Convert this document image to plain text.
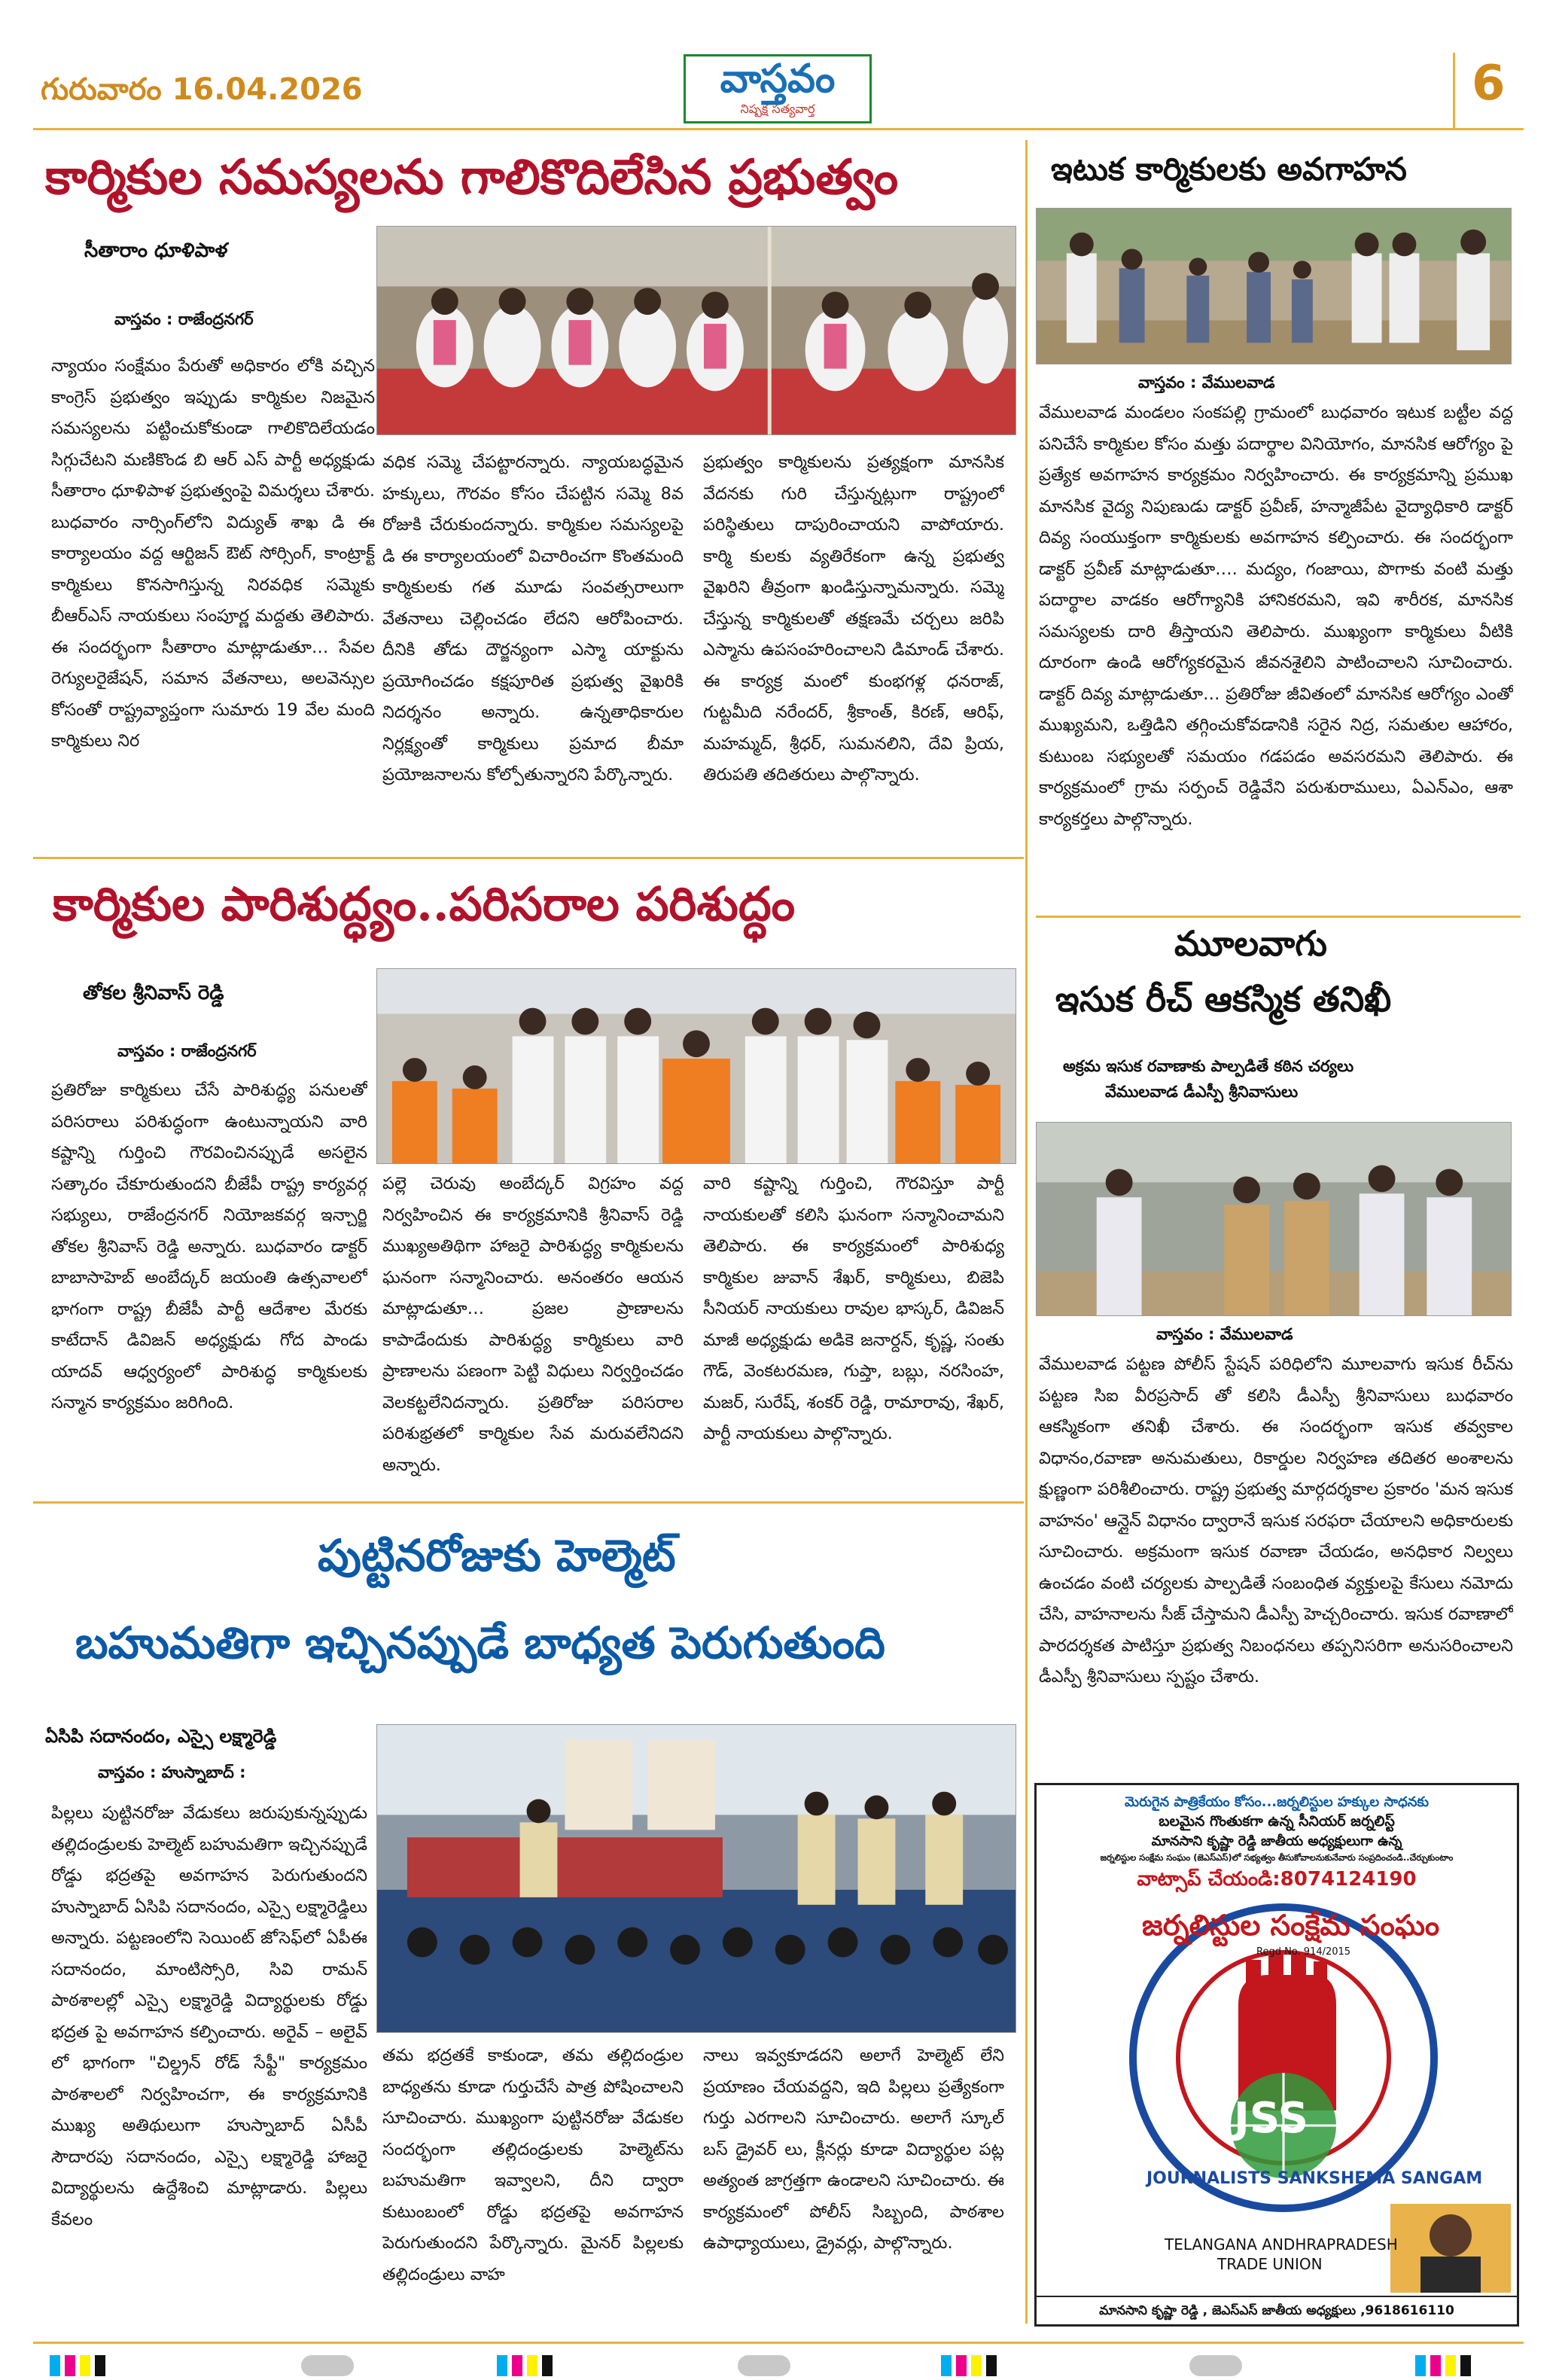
గురువారం 16.04.2026	వాస్తవం
నిష్పక్ష సత్యవార్త	6
కార్మికుల సమస్యలను గాలికొదిలేసిన ప్రభుత్వం
సీతారాం ధూళిపాళ
వాస్తవం : రాజేంద్రనగర్
న్యాయం సంక్షేమం పేరుతో అధికారం లోకి వచ్చిన కాంగ్రెస్ ప్రభుత్వం ఇప్పుడు కార్మికుల నిజమైన సమస్యలను పట్టించుకోకుండా గాలికొదిలేయడం సిగ్గుచేటని మణికొండ బి ఆర్ ఎస్ పార్టీ అధ్యక్షుడు సీతారాం ధూళిపాళ ప్రభుత్వంపై విమర్శలు చేశారు. బుధవారం నార్సింగ్‌లోని విద్యుత్ శాఖ డి ఈ కార్యాలయం వద్ద ఆర్టిజన్ ఔట్ సోర్సింగ్, కాంట్రాక్ట్ కార్మికులు కొనసాగిస్తున్న నిరవధిక సమ్మెకు బీఆర్ఎస్ నాయకులు సంపూర్ణ మద్దతు తెలిపారు. ఈ సందర్భంగా సీతారాం మాట్లాడుతూ… సేవల రెగ్యులరైజేషన్, సమాన వేతనాలు, అలవెన్సుల కోసంతో రాష్ట్రవ్యాప్తంగా సుమారు 19 వేల మంది కార్మికులు నిర
వధిక సమ్మె చేపట్టారన్నారు. న్యాయబద్ధమైన హక్కులు, గౌరవం కోసం చేపట్టిన సమ్మె 8వ రోజుకి చేరుకుందన్నారు. కార్మికుల సమస్యలపై డి ఈ కార్యాలయంలో విచారించగా కొంతమంది కార్మికులకు గత మూడు సంవత్సరాలుగా వేతనాలు చెల్లించడం లేదని ఆరోపించారు. దీనికి తోడు దౌర్జన్యంగా ఎస్మా యాక్టును ప్రయోగించడం కక్షపూరిత ప్రభుత్వ వైఖరికి నిదర్శనం అన్నారు. ఉన్నతాధికారుల నిర్లక్ష్యంతో కార్మికులు ప్రమాద బీమా ప్రయోజనాలను కోల్పోతున్నారని పేర్కొన్నారు.
ప్రభుత్వం కార్మికులను ప్రత్యక్షంగా మానసిక వేదనకు గురి చేస్తున్నట్లుగా రాష్ట్రంలో పరిస్థితులు దాపురించాయని వాపోయారు. కార్మి కులకు వ్యతిరేకంగా ఉన్న ప్రభుత్వ వైఖరిని తీవ్రంగా ఖండిస్తున్నామన్నారు. సమ్మె చేస్తున్న కార్మికులతో తక్షణమే చర్చలు జరిపి ఎస్మాను ఉపసంహరించాలని డిమాండ్ చేశారు. ఈ కార్యక్ర మంలో కుంభగళ్ల ధనరాజ్, గుట్టమీది నరేందర్, శ్రీకాంత్, కిరణ్, ఆరిఫ్, మహమ్మద్, శ్రీధర్, సుమనలిని, దేవి ప్రియ, తిరుపతి తదితరులు పాల్గొన్నారు.
ఇటుక కార్మికులకు అవగాహన
వాస్తవం : వేములవాడ
వేములవాడ మండలం సంకపల్లి గ్రామంలో బుధవారం ఇటుక బట్టీల వద్ద పనిచేసే కార్మికుల కోసం మత్తు పదార్థాల వినియోగం, మానసిక ఆరోగ్యం పై ప్రత్యేక అవగాహన కార్యక్రమం నిర్వహించారు. ఈ కార్యక్రమాన్ని ప్రముఖ మానసిక వైద్య నిపుణుడు డాక్టర్ ప్రవీణ్, హన్మాజీపేట వైద్యాధికారి డాక్టర్ దివ్య సంయుక్తంగా కార్మికులకు అవగాహన కల్పించారు. ఈ సందర్భంగా డాక్టర్ ప్రవీణ్ మాట్లాడుతూ…. మద్యం, గంజాయి, పొగాకు వంటి మత్తు పదార్థాల వాడకం ఆరోగ్యానికి హానికరమని, ఇవి శారీరక, మానసిక సమస్యలకు దారి తీస్తాయని తెలిపారు. ముఖ్యంగా కార్మికులు వీటికి దూరంగా ఉండి ఆరోగ్యకరమైన జీవనశైలిని పాటించాలని సూచించారు. డాక్టర్ దివ్య మాట్లాడుతూ… ప్రతిరోజు జీవితంలో మానసిక ఆరోగ్యం ఎంతో ముఖ్యమని, ఒత్తిడిని తగ్గించుకోవడానికి సరైన నిద్ర, సమతుల ఆహారం, కుటుంబ సభ్యులతో సమయం గడపడం అవసరమని తెలిపారు. ఈ కార్యక్రమంలో గ్రామ సర్పంచ్ రెడ్డివేని పరుశురాములు, ఏఎన్ఎం, ఆశా కార్యకర్తలు పాల్గొన్నారు.
కార్మికుల పారిశుద్ధ్యం..పరిసరాల పరిశుద్ధం
తోకల శ్రీనివాస్ రెడ్డి
వాస్తవం : రాజేంద్రనగర్
ప్రతిరోజు కార్మికులు చేసే పారిశుద్ధ్య పనులతో పరిసరాలు పరిశుద్ధంగా ఉంటున్నాయని వారి కష్టాన్ని గుర్తించి గౌరవించినప్పుడే అసలైన సత్కారం చేకూరుతుందని బీజేపీ రాష్ట్ర కార్యవర్గ సభ్యులు, రాజేంద్రనగర్ నియోజకవర్గ ఇన్చార్జి తోకల శ్రీనివాస్ రెడ్డి అన్నారు. బుధవారం డాక్టర్ బాబాసాహెబ్ అంబేద్కర్ జయంతి ఉత్సవాలలో భాగంగా రాష్ట్ర బీజేపీ పార్టీ ఆదేశాల మేరకు కాటేదాన్ డివిజన్ అధ్యక్షుడు గోద పాండు యాదవ్ ఆధ్వర్యంలో పారిశుద్ధ కార్మికులకు సన్మాన కార్యక్రమం జరిగింది.
పల్లె చెరువు అంబేద్కర్ విగ్రహం వద్ద నిర్వహించిన ఈ కార్యక్రమానికి శ్రీనివాస్ రెడ్డి ముఖ్యఅతిథిగా హాజరై పారిశుద్ధ్య కార్మికులను ఘనంగా సన్మానించారు. అనంతరం ఆయన మాట్లాడుతూ… ప్రజల ప్రాణాలను కాపాడేందుకు పారిశుద్ధ్య కార్మికులు వారి ప్రాణాలను పణంగా పెట్టి విధులు నిర్వర్తించడం వెలకట్టలేనిదన్నారు. ప్రతిరోజు పరిసరాల పరిశుభ్రతలో కార్మికుల సేవ మరువలేనిదని అన్నారు.
వారి కష్టాన్ని గుర్తించి, గౌరవిస్తూ పార్టీ నాయకులతో కలిసి ఘనంగా సన్మానించామని తెలిపారు. ఈ కార్యక్రమంలో పారిశుధ్య కార్మికుల జువాన్ శేఖర్, కార్మికులు, బిజెపి సీనియర్ నాయకులు రావుల భాస్కర్, డివిజన్ మాజీ అధ్యక్షుడు అడికె జనార్దన్, కృష్ణ, సంతు గౌడ్, వెంకటరమణ, గుప్తా, బబ్లు, నరసింహ, మజర్, సురేష్, శంకర్ రెడ్డి, రామారావు, శేఖర్, పార్టీ నాయకులు పాల్గొన్నారు.
మూలవాగు
ఇసుక రీచ్ ఆకస్మిక తనిఖీ
అక్రమ ఇసుక రవాణాకు పాల్పడితే కఠిన చర్యలు
వేములవాడ డీఎస్పీ శ్రీనివాసులు
వాస్తవం : వేములవాడ
వేములవాడ పట్టణ పోలీస్ స్టేషన్ పరిధిలోని మూలవాగు ఇసుక రీచ్‌ను పట్టణ సిఐ వీరప్రసాద్ తో కలిసి డీఎస్పీ శ్రీనివాసులు బుధవారం ఆకస్మికంగా తనిఖీ చేశారు. ఈ సందర్భంగా ఇసుక తవ్వకాల విధానం,రవాణా అనుమతులు, రికార్డుల నిర్వహణ తదితర అంశాలను క్షుణ్ణంగా పరిశీలించారు. రాష్ట్ర ప్రభుత్వ మార్గదర్శకాల ప్రకారం 'మన ఇసుక వాహనం' ఆన్లైన్ విధానం ద్వారానే ఇసుక సరఫరా చేయాలని అధికారులకు సూచించారు. అక్రమంగా ఇసుక రవాణా చేయడం, అనధికార నిల్వలు ఉంచడం వంటి చర్యలకు పాల్పడితే సంబంధిత వ్యక్తులపై కేసులు నమోదు చేసి, వాహనాలను సీజ్ చేస్తామని డీఎస్పీ హెచ్చరించారు. ఇసుక రవాణాలో పారదర్శకత పాటిస్తూ ప్రభుత్వ నిబంధనలు తప్పనిసరిగా అనుసరించాలని డీఎస్పీ శ్రీనివాసులు స్పష్టం చేశారు.
పుట్టినరోజుకు హెల్మెట్
బహుమతిగా ఇచ్చినప్పుడే బాధ్యత పెరుగుతుంది
ఏసిపి సదానందం, ఎస్సై లక్ష్మారెడ్డి
వాస్తవం : హుస్నాబాద్ :
పిల్లలు పుట్టినరోజు వేడుకలు జరుపుకున్నప్పుడు తల్లిదండ్రులకు హెల్మెట్ బహుమతిగా ఇచ్చినప్పుడే రోడ్డు భద్రతపై అవగాహన పెరుగుతుందని హుస్నాబాద్ ఏసిపి సదానందం, ఎస్సై లక్ష్మారెడ్డిలు అన్నారు. పట్టణంలోని సెయింట్ జోసెఫ్‌లో ఏపీఈ సదానందం, మాంటిస్సోరి, సివి రామన్ పాఠశాలల్లో ఎస్సై లక్ష్మారెడ్డి విద్యార్థులకు రోడ్డు భద్రత పై అవగాహన కల్పించారు. అరైవ్ – అలైవ్ లో భాగంగా "చిల్డ్రన్ రోడ్ సేఫ్టీ" కార్యక్రమం పాఠశాలలో నిర్వహించగా, ఈ కార్యక్రమానికి ముఖ్య అతిథులుగా హుస్నాబాద్ ఏసీపీ సౌదారపు సదానందం, ఎస్సై లక్ష్మారెడ్డి హాజరై విద్యార్థులను ఉద్దేశించి మాట్లాడారు. పిల్లలు కేవలం
తమ భద్రతకే కాకుండా, తమ తల్లిదండ్రుల బాధ్యతను కూడా గుర్తుచేసే పాత్ర పోషించాలని సూచించారు. ముఖ్యంగా పుట్టినరోజు వేడుకల సందర్భంగా తల్లిదండ్రులకు హెల్మెట్‌ను బహుమతిగా ఇవ్వాలని, దీని ద్వారా కుటుంబంలో రోడ్డు భద్రతపై అవగాహన పెరుగుతుందని పేర్కొన్నారు. మైనర్ పిల్లలకు తల్లిదండ్రులు వాహ
నాలు ఇవ్వకూడదని అలాగే హెల్మెట్ లేని ప్రయాణం చేయవద్దని, ఇది పిల్లలు ప్రత్యేకంగా గుర్తు ఎరగాలని సూచించారు. అలాగే స్కూల్ బస్ డ్రైవర్ లు, క్లీనర్లు కూడా విద్యార్థుల పట్ల అత్యంత జాగ్రత్తగా ఉండాలని సూచించారు. ఈ కార్యక్రమంలో పోలీస్ సిబ్బంది, పాఠశాల ఉపాధ్యాయులు, డ్రైవర్లు, పాల్గొన్నారు.
మెరుగైన పాత్రికేయం కోసం...జర్నలిస్టుల హక్కుల సాధనకు
బలమైన గొంతుకగా ఉన్న సీనియర్ జర్నలిస్ట్
మానసాని కృష్ణా రెడ్డి జాతీయ అధ్యక్షులుగా ఉన్న
జర్నలిస్టుల సంక్షేమ సంఘం (జెఎస్ఎస్)లో సభ్యత్వం తీసుకోవాలనుకునేవారు సంప్రదించండి..చేర్చుకుంటాం
వాట్సాప్ చేయండి:8074124190
జర్నలిస్టుల సంక్షేమ సంఘం
Regd No. 914/2015
JSS
JOURNALISTS SANKSHEMA SANGAM
TELANGANA ANDHRAPRADESH
TRADE UNION
మానసాని కృష్ణా రెడ్డి , జెఎస్ఎస్ జాతీయ అధ్యక్షులు ,9618616110
